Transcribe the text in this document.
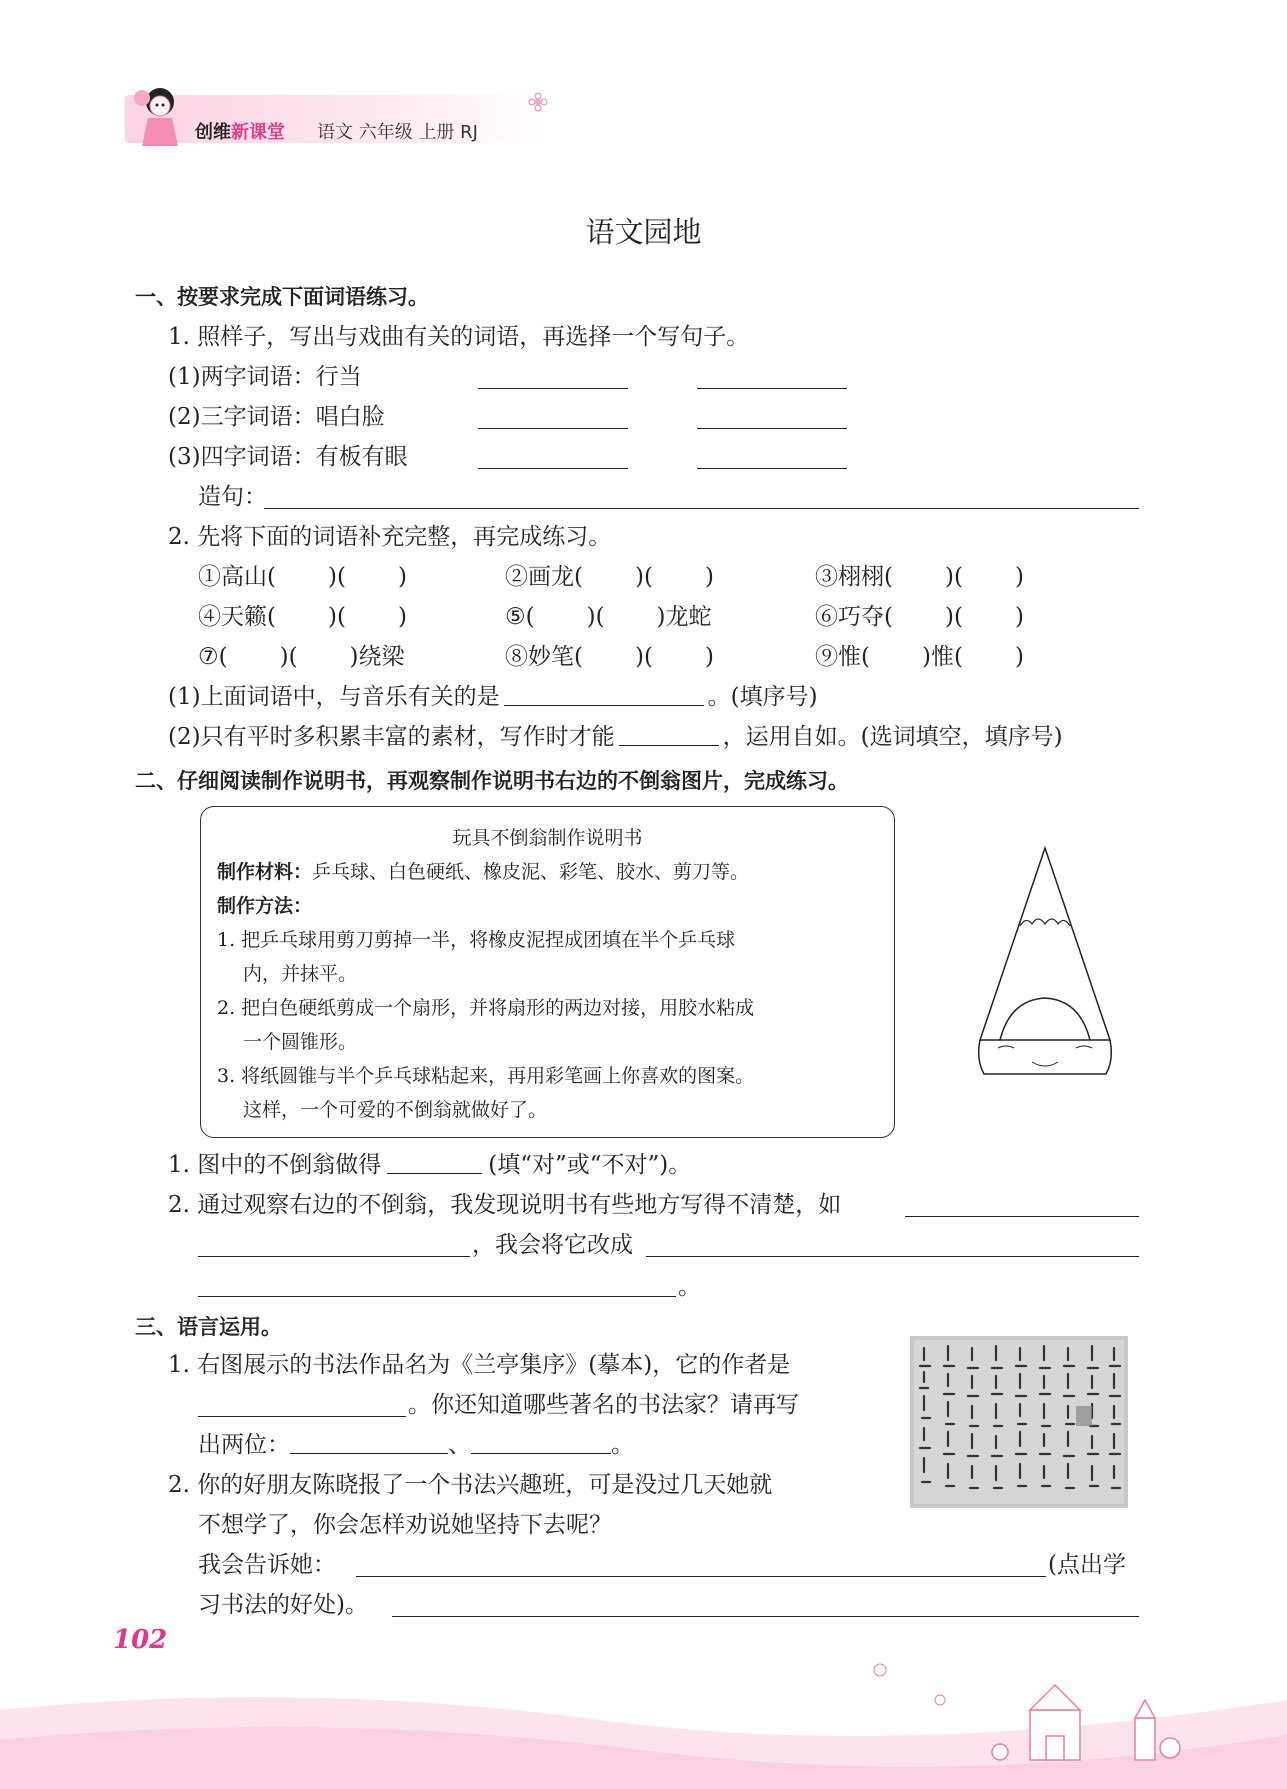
创维新课堂 语文 六年级 上册 RJ
语文园地
一、按要求完成下面词语练习。
1. 照样子，写出与戏曲有关的词语，再选择一个写句子。
(1)两字词语：行当
(2)三字词语：唱白脸
(3)四字词语：有板有眼
造句：
2. 先将下面的词语补充完整，再完成练习。
①高山( )( )	②画龙( )( )	③栩栩( )( )
④天籁( )( )	⑤( )( )龙蛇	⑥巧夺( )( )
⑦( )( )绕梁	⑧妙笔( )( )	⑨惟( )惟( )
(1)上面词语中，与音乐有关的是	。(填序号)
(2)只有平时多积累丰富的素材，写作时才能	，运用自如。(选词填空，填序号)
二、仔细阅读制作说明书，再观察制作说明书右边的不倒翁图片，完成练习。
玩具不倒翁制作说明书
制作材料：乒乓球、白色硬纸、橡皮泥、彩笔、胶水、剪刀等。
制作方法：
1. 把乒乓球用剪刀剪掉一半，将橡皮泥捏成团填在半个乒乓球
内，并抹平。
2. 把白色硬纸剪成一个扇形，并将扇形的两边对接，用胶水粘成
一个圆锥形。
3. 将纸圆锥与半个乒乓球粘起来，再用彩笔画上你喜欢的图案。
这样，一个可爱的不倒翁就做好了。
1. 图中的不倒翁做得	(填“对”或“不对”)。
2. 通过观察右边的不倒翁，我发现说明书有些地方写得不清楚，如
，我会将它改成
。
三、语言运用。
1. 右图展示的书法作品名为《兰亭集序》(摹本)，它的作者是
。你还知道哪些著名的书法家？请再写
出两位：	、	。
2. 你的好朋友陈晓报了一个书法兴趣班，可是没过几天她就
不想学了，你会怎样劝说她坚持下去呢？
我会告诉她：	(点出学
习书法的好处)。
102
